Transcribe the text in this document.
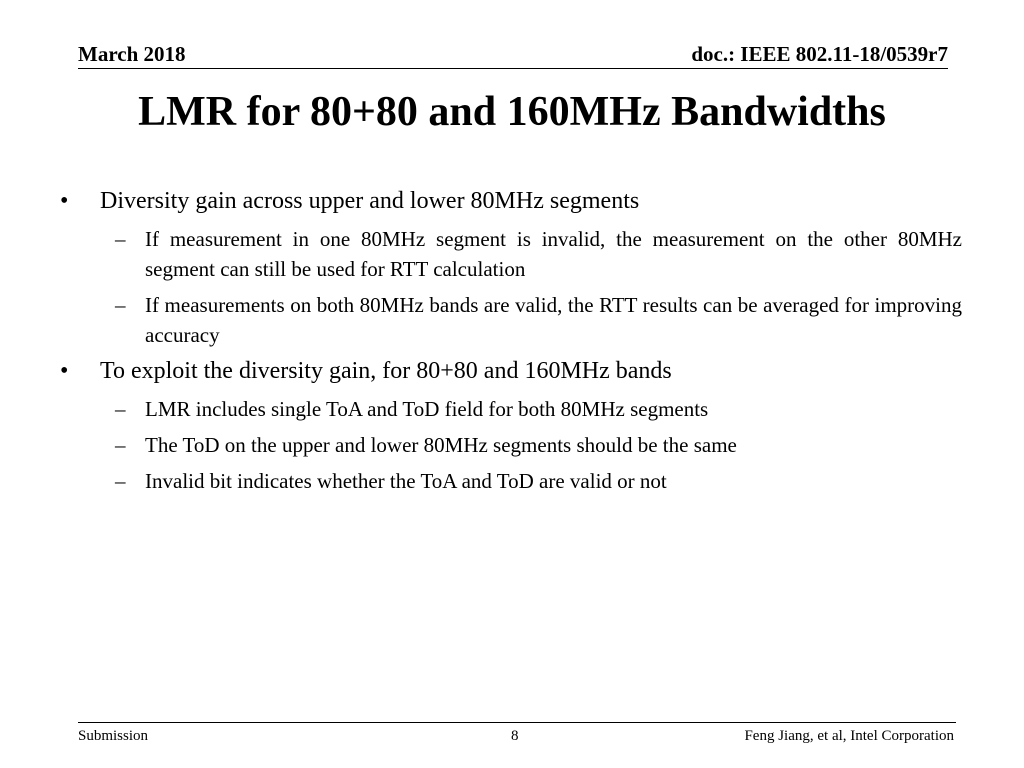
March 2018	doc.: IEEE 802.11-18/0539r7
LMR for 80+80 and 160MHz Bandwidths
• Diversity gain across upper and lower 80MHz segments
– If measurement in one 80MHz segment is invalid, the measurement on the other 80MHz segment can still be used for RTT calculation
– If measurements on both 80MHz bands are valid, the RTT results can be averaged for improving accuracy
• To exploit the diversity gain, for 80+80 and 160MHz bands
– LMR includes single ToA and ToD field for both 80MHz segments
– The ToD on the upper and lower 80MHz segments should be the same
– Invalid bit indicates whether the ToA and ToD are valid or not
Submission	8	Feng Jiang, et al, Intel Corporation
